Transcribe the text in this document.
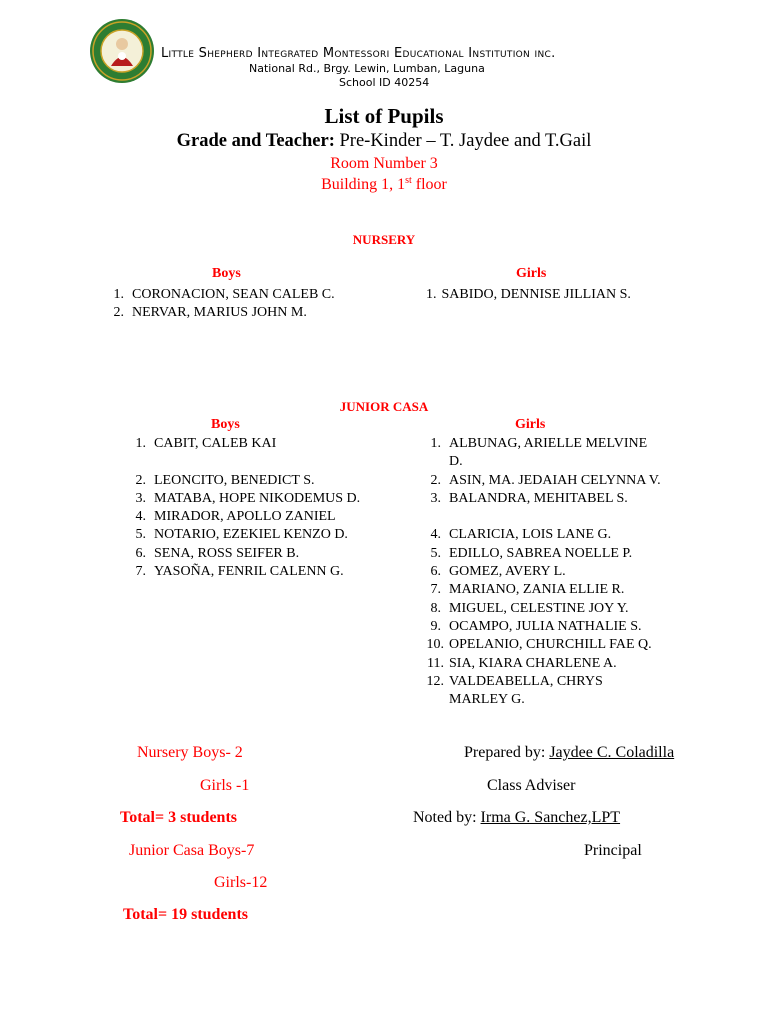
Little Shepherd Integrated Montessori Educational Institution inc.
National Rd., Brgy. Lewin, Lumban, Laguna
School ID 40254
List of Pupils
Grade and Teacher: Pre-Kinder – T. Jaydee and T.Gail
Room Number 3
Building 1, 1st floor
NURSERY
Boys	Girls
1. CORONACION, SEAN CALEB C.
2. NERVAR, MARIUS JOHN M.
1. SABIDO, DENNISE JILLIAN S.
JUNIOR CASA
Boys	Girls
1. CABIT, CALEB KAI
2. LEONCITO, BENEDICT S.
3. MATABA, HOPE NIKODEMUS D.
4. MIRADOR, APOLLO ZANIEL
5. NOTARIO, EZEKIEL KENZO D.
6. SENA, ROSS SEIFER B.
7. YASOÑA, FENRIL CALENN G.
1. ALBUNAG, ARIELLE MELVINE D.
2. ASIN, MA. JEDAIAH CELYNNA V.
3. BALANDRA, MEHITABEL S.
4. CLARICIA, LOIS LANE G.
5. EDILLO, SABREA NOELLE P.
6. GOMEZ, AVERY L.
7. MARIANO, ZANIA ELLIE R.
8. MIGUEL, CELESTINE JOY Y.
9. OCAMPO, JULIA NATHALIE S.
10. OPELANIO, CHURCHILL FAE Q.
11. SIA, KIARA CHARLENE A.
12. VALDEABELLA, CHRYS MARLEY G.
Nursery Boys- 2
Girls -1
Total= 3 students
Junior Casa Boys-7
Girls-12
Total= 19 students
Prepared by: Jaydee C. Coladilla
Class Adviser
Noted by: Irma G. Sanchez,LPT
Principal
